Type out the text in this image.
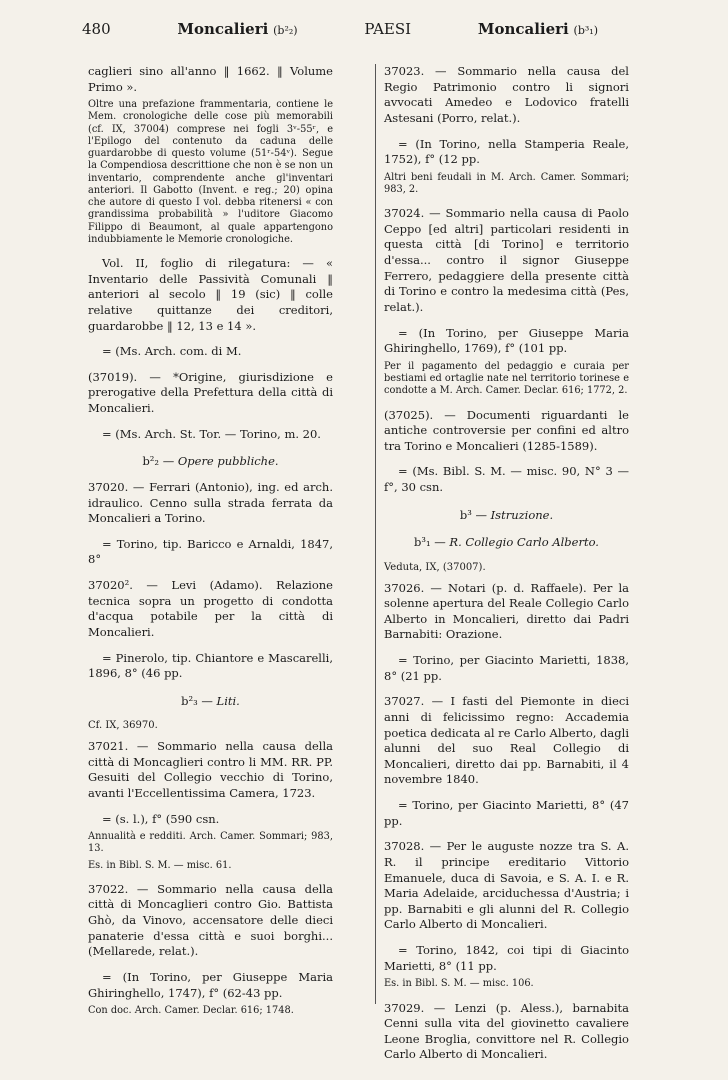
480	Moncalieri (b²₂)	PAESI	Moncalieri (b³₁)

caglieri sino all'anno ‖ 1662. ‖ Volume Primo ».

Oltre una prefazione frammentaria, contiene le Mem. cronologiche delle cose più memorabili (cf. IX, 37004) comprese nei fogli 3ᵛ-55ʳ, e l'Epilogo del contenuto da caduna delle guardarobbe di questo volume (51ʳ-54ᵛ). Segue la Compendiosa descrittione che non è se non un inventario, comprendente anche gl'inventari anteriori. Il Gabotto (Invent. e reg.; 20) opina che autore di questo I vol. debba ritenersi « con grandissima probabilità » l'uditore Giacomo Filippo di Beaumont, al quale appartengono indubbiamente le Memorie cronologiche.

Vol. II, foglio di rilegatura: — « Inventario delle Passività Comunali ‖ anteriori al secolo ‖ 19 (sic) ‖ colle relative quittanze dei creditori, guardarobbe ‖ 12, 13 e 14 ».

= (Ms. Arch. com. di M.

(37019). — *Origine, giurisdizione e prerogative della Prefettura della città di Moncalieri.

= (Ms. Arch. St. Tor. — Torino, m. 20.

b²₂ — Opere pubbliche.

37020. — Ferrari (Antonio), ing. ed arch. idraulico. Cenno sulla strada ferrata da Moncalieri a Torino.

= Torino, tip. Baricco e Arnaldi, 1847, 8°

37020². — Levi (Adamo). Relazione tecnica sopra un progetto di condotta d'acqua potabile per la città di Moncalieri.

= Pinerolo, tip. Chiantore e Mascarelli, 1896, 8° (46 pp.

b²₃ — Liti.

Cf. IX, 36970.

37021. — Sommario nella causa della città di Moncaglieri contro li MM. RR. PP. Gesuiti del Collegio vecchio di Torino, avanti l'Eccellentissima Camera, 1723.

= (s. l.), f° (590 csn.

Annualità e redditi. Arch. Camer. Sommari; 983, 13.

Es. in Bibl. S. M. — misc. 61.

37022. — Sommario nella causa della città di Moncaglieri contro Gio. Battista Ghò, da Vinovo, accensatore delle dieci panaterie d'essa città e suoi borghi... (Mellarede, relat.).

= (In Torino, per Giuseppe Maria Ghiringhello, 1747), f° (62-43 pp.

Con doc. Arch. Camer. Declar. 616; 1748.

37023. — Sommario nella causa del Regio Patrimonio contro li signori avvocati Amedeo e Lodovico fratelli Astesani (Porro, relat.).

= (In Torino, nella Stamperia Reale, 1752), f° (12 pp.

Altri beni feudali in M. Arch. Camer. Sommari; 983, 2.

37024. — Sommario nella causa di Paolo Ceppo [ed altri] particolari residenti in questa città [di Torino] e territorio d'essa... contro il signor Giuseppe Ferrero, pedaggiere della presente città di Torino e contro la medesima città (Pes, relat.).

= (In Torino, per Giuseppe Maria Ghiringhello, 1769), f° (101 pp.

Per il pagamento del pedaggio e curaia per bestiami ed ortaglie nate nel territorio torinese e condotte a M. Arch. Camer. Declar. 616; 1772, 2.

(37025). — Documenti riguardanti le antiche controversie per confini ed altro tra Torino e Moncalieri (1285-1589).

= (Ms. Bibl. S. M. — misc. 90, N° 3 — f°, 30 csn.

b³ — Istruzione.

b³₁ — R. Collegio Carlo Alberto.

Veduta, IX, (37007).

37026. — Notari (p. d. Raffaele). Per la solenne apertura del Reale Collegio Carlo Alberto in Moncalieri, diretto dai Padri Barnabiti: Orazione.

= Torino, per Giacinto Marietti, 1838, 8° (21 pp.

37027. — I fasti del Piemonte in dieci anni di felicissimo regno: Accademia poetica dedicata al re Carlo Alberto, dagli alunni del suo Real Collegio di Moncalieri, diretto dai pp. Barnabiti, il 4 novembre 1840.

= Torino, per Giacinto Marietti, 8° (47 pp.

37028. — Per le auguste nozze tra S. A. R. il principe ereditario Vittorio Emanuele, duca di Savoia, e S. A. I. e R. Maria Adelaide, arciduchessa d'Austria; i pp. Barnabiti e gli alunni del R. Collegio Carlo Alberto di Moncalieri.

= Torino, 1842, coi tipi di Giacinto Marietti, 8° (11 pp.

Es. in Bibl. S. M. — misc. 106.

37029. — Lenzi (p. Aless.), barnabita Cenni sulla vita del giovinetto cavaliere Leone Broglia, convittore nel R. Collegio Carlo Alberto di Moncalieri.
